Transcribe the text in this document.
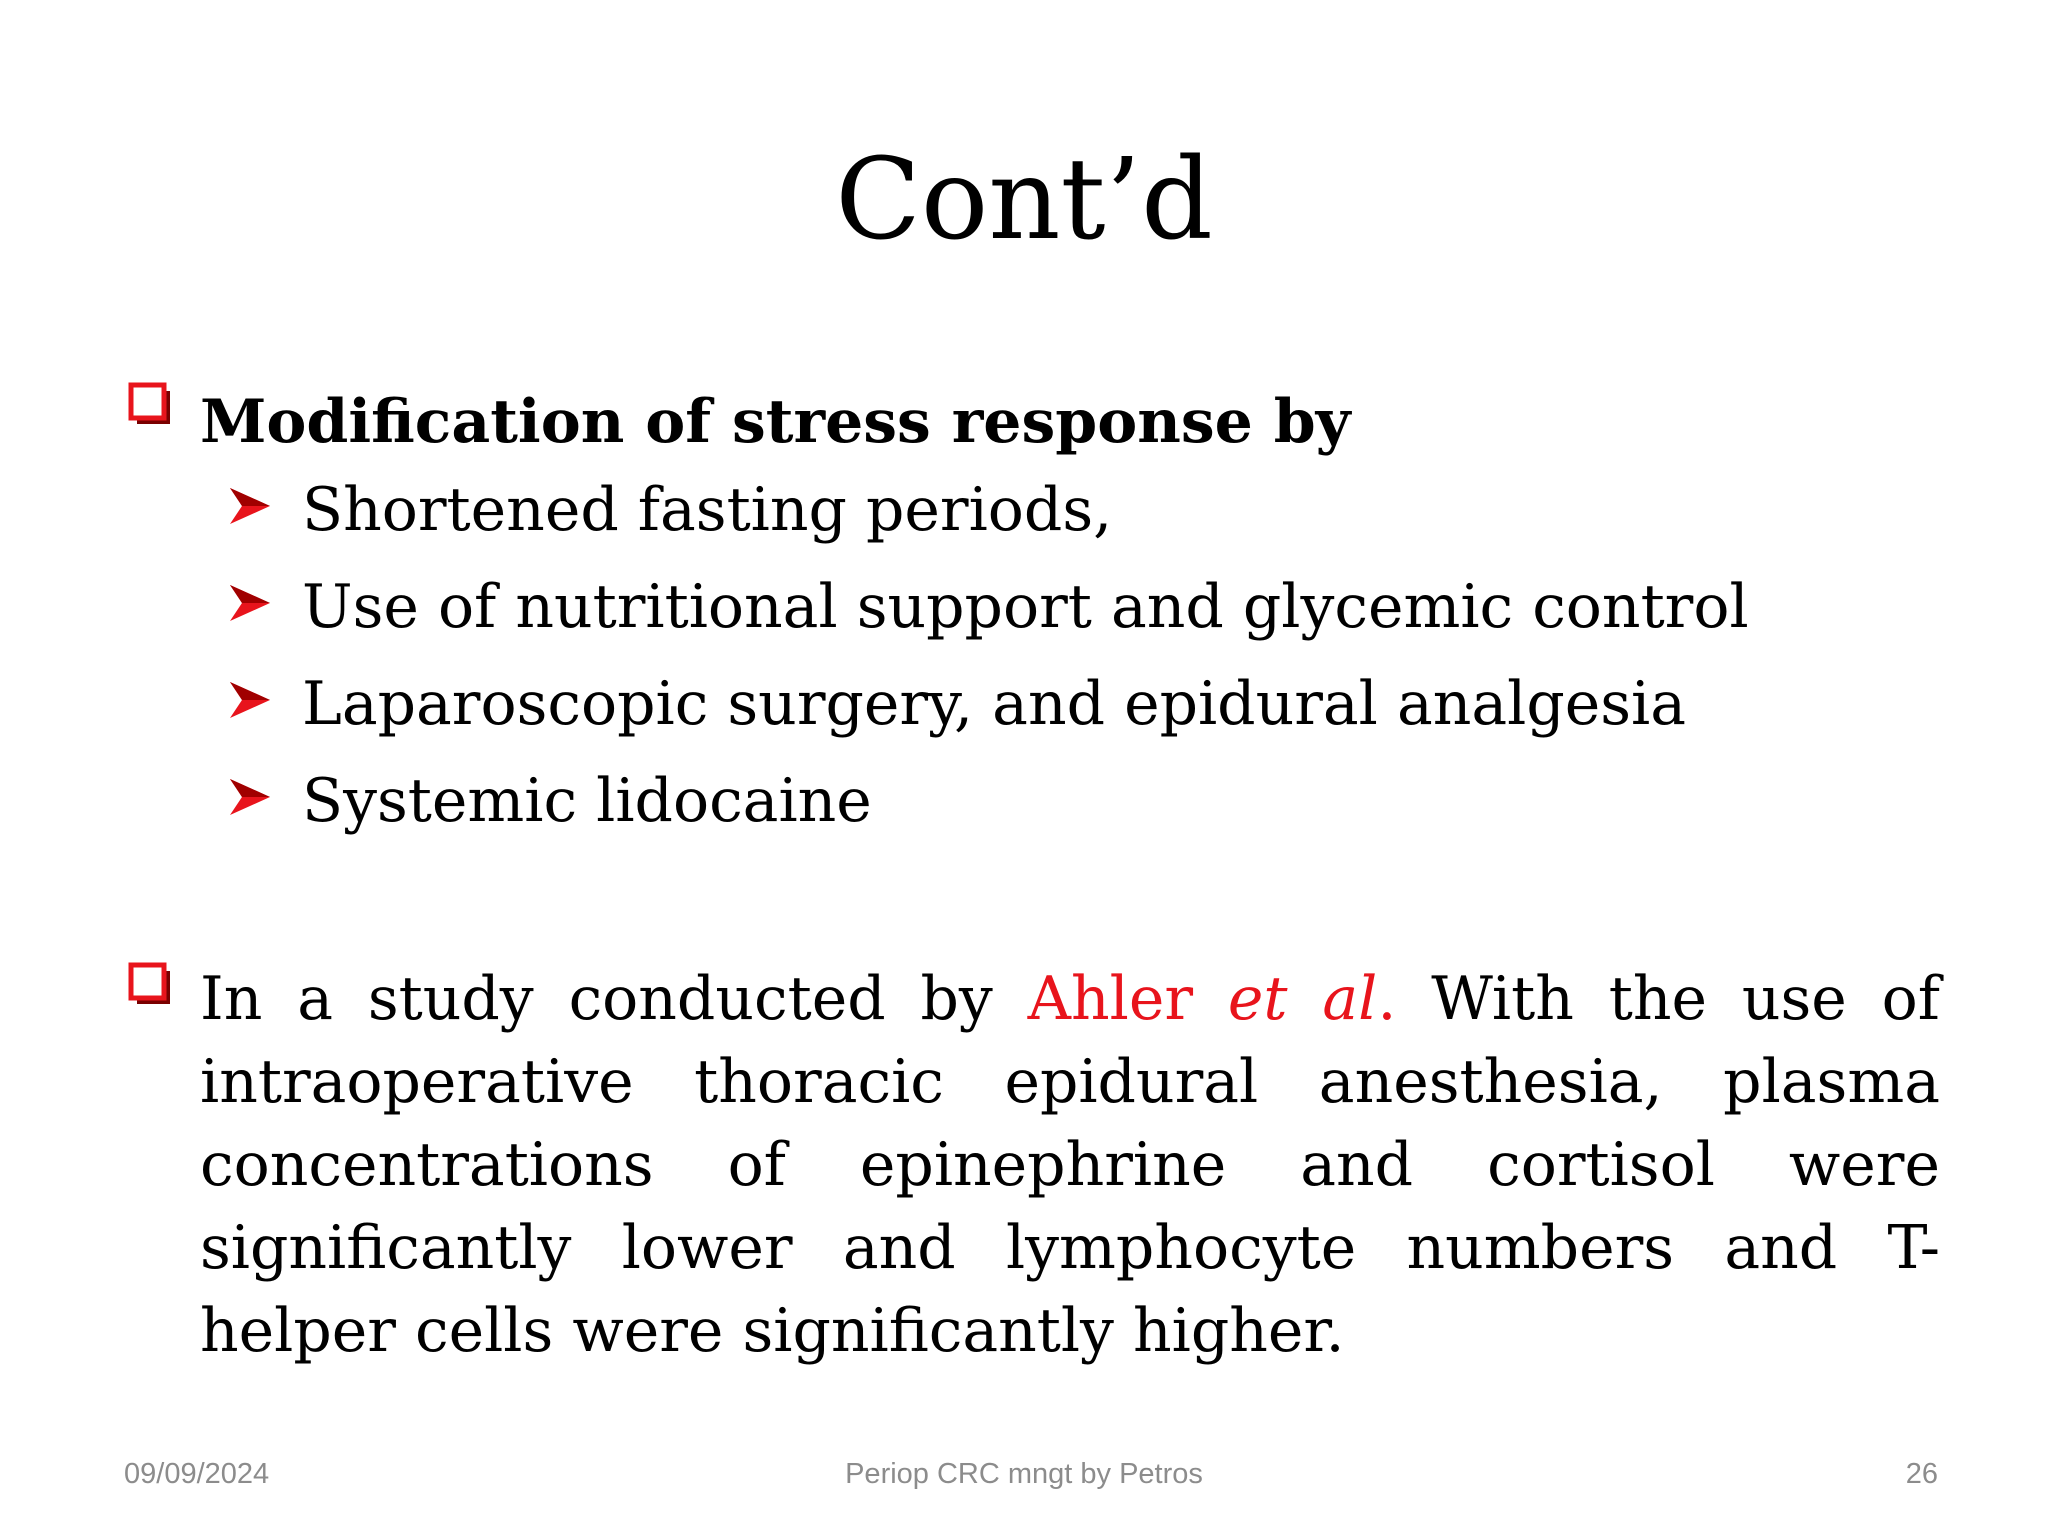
Cont’d
Modification of stress response by
Shortened fasting periods,
Use of nutritional support and glycemic control
Laparoscopic surgery, and epidural analgesia
Systemic lidocaine

In a study conducted by Ahler et al. With the use of intraoperative thoracic epidural anesthesia, plasma concentrations of epinephrine and cortisol were significantly lower and lymphocyte numbers and T-helper cells were significantly higher.

Periop CRC mngt by Petros
09/09/2024	26
